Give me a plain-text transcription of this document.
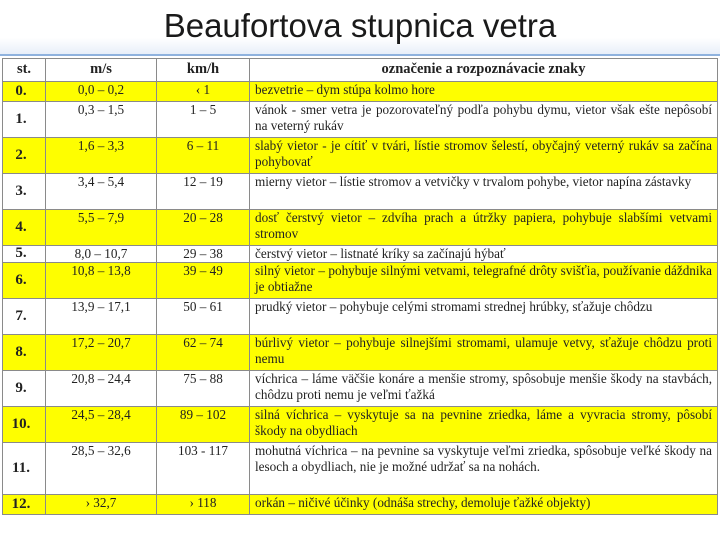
Beaufortova stupnica vetra
st.	m/s	km/h	označenie a rozpoznávacie znaky
0.	0,0 – 0,2	‹ 1	bezvetrie – dym stúpa kolmo hore
1.	0,3 – 1,5	1 – 5	vánok - smer vetra je pozorovateľný podľa pohybu dymu, vietor však ešte nepôsobí na veterný rukáv
2.	1,6 – 3,3	6 – 11	slabý vietor - je cítiť v tvári, lístie stromov šelestí, obyčajný veterný rukáv sa začína pohybovať
3.	3,4 – 5,4	12 – 19	mierny vietor – lístie stromov a vetvičky v trvalom pohybe, vietor napína zástavky
4.	5,5 – 7,9	20 – 28	dosť čerstvý vietor – zdvíha prach a útržky papiera, pohybuje slabšími vetvami stromov
5.	8,0 – 10,7	29 – 38	čerstvý vietor – listnaté kríky sa začínajú hýbať
6.	10,8 – 13,8	39 – 49	silný vietor – pohybuje silnými vetvami, telegrafné drôty svišťia, používanie dáždnika je obtiažne
7.	13,9 – 17,1	50 – 61	prudký vietor – pohybuje celými stromami strednej hrúbky, sťažuje chôdzu
8.	17,2 – 20,7	62 – 74	búrlivý vietor – pohybuje silnejšími stromami, ulamuje vetvy, sťažuje chôdzu proti nemu
9.	20,8 – 24,4	75 – 88	víchrica – láme väčšie konáre a menšie stromy, spôsobuje menšie škody na stavbách, chôdzu proti nemu je veľmi ťažká
10.	24,5 – 28,4	89 – 102	silná víchrica – vyskytuje sa na pevnine zriedka, láme a vyvracia stromy, pôsobí škody na obydliach
11.	28,5 – 32,6	103 - 117	mohutná víchrica – na pevnine sa vyskytuje veľmi zriedka, spôsobuje veľké škody na lesoch a obydliach, nie je možné udržať sa na nohách.
12.	› 32,7	› 118	orkán – ničivé účinky (odnáša strechy, demoluje ťažké objekty)
